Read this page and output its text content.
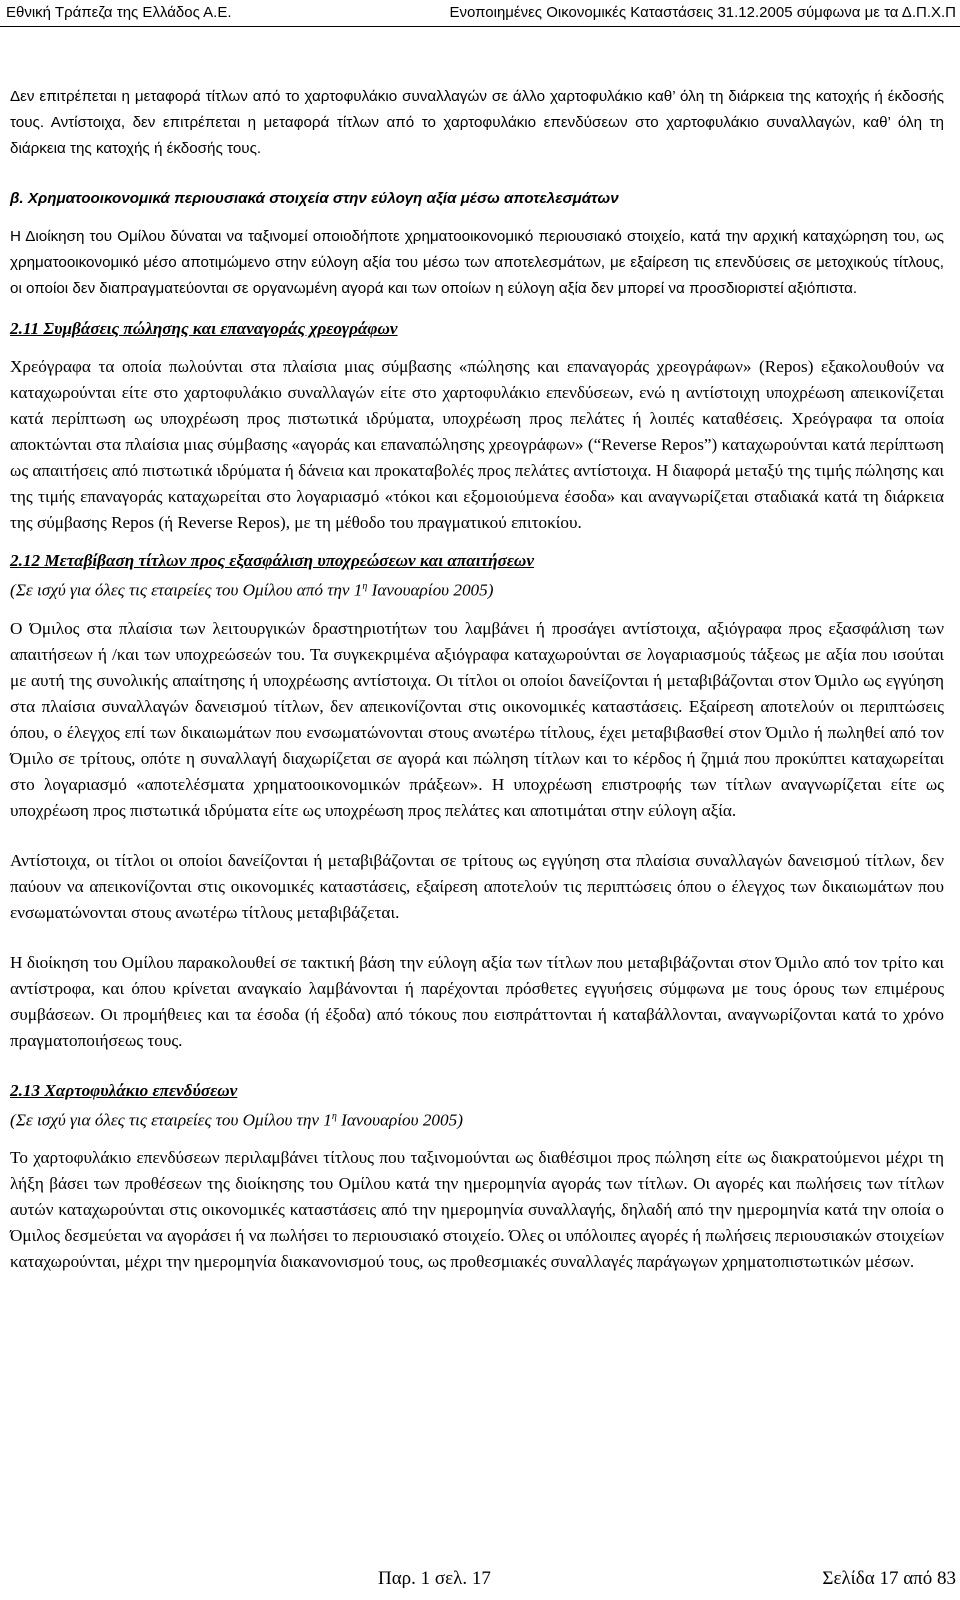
Εθνική Τράπεζα της Ελλάδος Α.Ε.	Ενοποιημένες Οικονομικές Καταστάσεις 31.12.2005 σύμφωνα με τα Δ.Π.Χ.Π

Δεν επιτρέπεται η μεταφορά τίτλων από το χαρτοφυλάκιο συναλλαγών σε άλλο χαρτοφυλάκιο καθ’ όλη τη διάρκεια της κατοχής ή έκδοσής τους. Αντίστοιχα, δεν επιτρέπεται η μεταφορά τίτλων από το χαρτοφυλάκιο επενδύσεων στο χαρτοφυλάκιο συναλλαγών, καθ’ όλη τη διάρκεια της κατοχής ή έκδοσής τους.

β. Χρηματοοικονομικά περιουσιακά στοιχεία στην εύλογη αξία μέσω αποτελεσμάτων

Η Διοίκηση του Ομίλου δύναται να ταξινομεί οποιοδήποτε χρηματοοικονομικό περιουσιακό στοιχείο, κατά την αρχική καταχώρηση του, ως χρηματοοικονομικό μέσο αποτιμώμενο στην εύλογη αξία του μέσω των αποτελεσμάτων, με εξαίρεση τις επενδύσεις σε μετοχικούς τίτλους, οι οποίοι δεν διαπραγματεύονται σε οργανωμένη αγορά και των οποίων η εύλογη αξία δεν μπορεί να προσδιοριστεί αξιόπιστα.

2.11 Συμβάσεις πώλησης και επαναγοράς χρεογράφων

Χρεόγραφα τα οποία πωλούνται στα πλαίσια μιας σύμβασης «πώλησης και επαναγοράς χρεογράφων» (Repos) εξακολουθούν να καταχωρούνται είτε στο χαρτοφυλάκιο συναλλαγών είτε στο χαρτοφυλάκιο επενδύσεων, ενώ η αντίστοιχη υποχρέωση απεικονίζεται κατά περίπτωση ως υποχρέωση προς πιστωτικά ιδρύματα, υποχρέωση προς πελάτες ή λοιπές καταθέσεις. Χρεόγραφα τα οποία αποκτώνται στα πλαίσια μιας σύμβασης «αγοράς και επαναπώλησης χρεογράφων» (“Reverse Repos”) καταχωρούνται κατά περίπτωση ως απαιτήσεις από πιστωτικά ιδρύματα ή δάνεια και προκαταβολές προς πελάτες αντίστοιχα. Η διαφορά μεταξύ της τιμής πώλησης και της τιμής επαναγοράς καταχωρείται στο λογαριασμό «τόκοι και εξομοιούμενα έσοδα» και αναγνωρίζεται σταδιακά κατά τη διάρκεια της σύμβασης Repos (ή Reverse Repos), με τη μέθοδο του πραγματικού επιτοκίου.

2.12 Μεταβίβαση τίτλων προς εξασφάλιση υποχρεώσεων και απαιτήσεων
(Σε ισχύ για όλες τις εταιρείες του Ομίλου από την $1^\eta$ Ιανουαρίου 2005)

Ο Όμιλος στα πλαίσια των λειτουργικών δραστηριοτήτων του λαμβάνει ή προσάγει αντίστοιχα, αξιόγραφα προς εξασφάλιση των απαιτήσεων ή /και των υποχρεώσεών του. Τα συγκεκριμένα αξιόγραφα καταχωρούνται σε λογαριασμούς τάξεως με αξία που ισούται με αυτή της συνολικής απαίτησης ή υποχρέωσης αντίστοιχα. Οι τίτλοι οι οποίοι δανείζονται ή μεταβιβάζονται στον Όμιλο ως εγγύηση στα πλαίσια συναλλαγών δανεισμού τίτλων, δεν απεικονίζονται στις οικονομικές καταστάσεις. Εξαίρεση αποτελούν οι περιπτώσεις όπου, ο έλεγχος επί των δικαιωμάτων που ενσωματώνονται στους ανωτέρω τίτλους, έχει μεταβιβασθεί στον Όμιλο ή πωληθεί από τον Όμιλο σε τρίτους, οπότε η συναλλαγή διαχωρίζεται σε αγορά και πώληση τίτλων και το κέρδος ή ζημιά που προκύπτει καταχωρείται στο λογαριασμό «αποτελέσματα χρηματοοικονομικών πράξεων». Η υποχρέωση επιστροφής των τίτλων αναγνωρίζεται είτε ως υποχρέωση προς πιστωτικά ιδρύματα είτε ως υποχρέωση προς πελάτες και αποτιμάται στην εύλογη αξία.

Αντίστοιχα, οι τίτλοι οι οποίοι δανείζονται ή μεταβιβάζονται σε τρίτους ως εγγύηση στα πλαίσια συναλλαγών δανεισμού τίτλων, δεν παύουν να απεικονίζονται στις οικονομικές καταστάσεις, εξαίρεση αποτελούν τις περιπτώσεις όπου ο έλεγχος των δικαιωμάτων που ενσωματώνονται στους ανωτέρω τίτλους μεταβιβάζεται.

Η διοίκηση του Ομίλου παρακολουθεί σε τακτική βάση την εύλογη αξία των τίτλων που μεταβιβάζονται στον Όμιλο από τον τρίτο και αντίστροφα, και όπου κρίνεται αναγκαίο λαμβάνονται ή παρέχονται πρόσθετες εγγυήσεις σύμφωνα με τους όρους των επιμέρους συμβάσεων. Οι προμήθειες και τα έσοδα (ή έξοδα) από τόκους που εισπράττονται ή καταβάλλονται, αναγνωρίζονται κατά το χρόνο πραγματοποιήσεως τους.

2.13 Χαρτοφυλάκιο επενδύσεων
(Σε ισχύ για όλες τις εταιρείες του Ομίλου την $1^\eta$ Ιανουαρίου 2005)

Το χαρτοφυλάκιο επενδύσεων περιλαμβάνει τίτλους που ταξινομούνται ως διαθέσιμοι προς πώληση είτε ως διακρατούμενοι μέχρι τη λήξη βάσει των προθέσεων της διοίκησης του Ομίλου κατά την ημερομηνία αγοράς των τίτλων. Οι αγορές και πωλήσεις των τίτλων αυτών καταχωρούνται στις οικονομικές καταστάσεις από την ημερομηνία συναλλαγής, δηλαδή από την ημερομηνία κατά την οποία ο Όμιλος δεσμεύεται να αγοράσει ή να πωλήσει το περιουσιακό στοιχείο. Όλες οι υπόλοιπες αγορές ή πωλήσεις περιουσιακών στοιχείων καταχωρούνται, μέχρι την ημερομηνία διακανονισμού τους, ως προθεσμιακές συναλλαγές παράγωγων χρηματοπιστωτικών μέσων.

Παρ. 1 σελ. 17	Σελίδα 17 από 83
